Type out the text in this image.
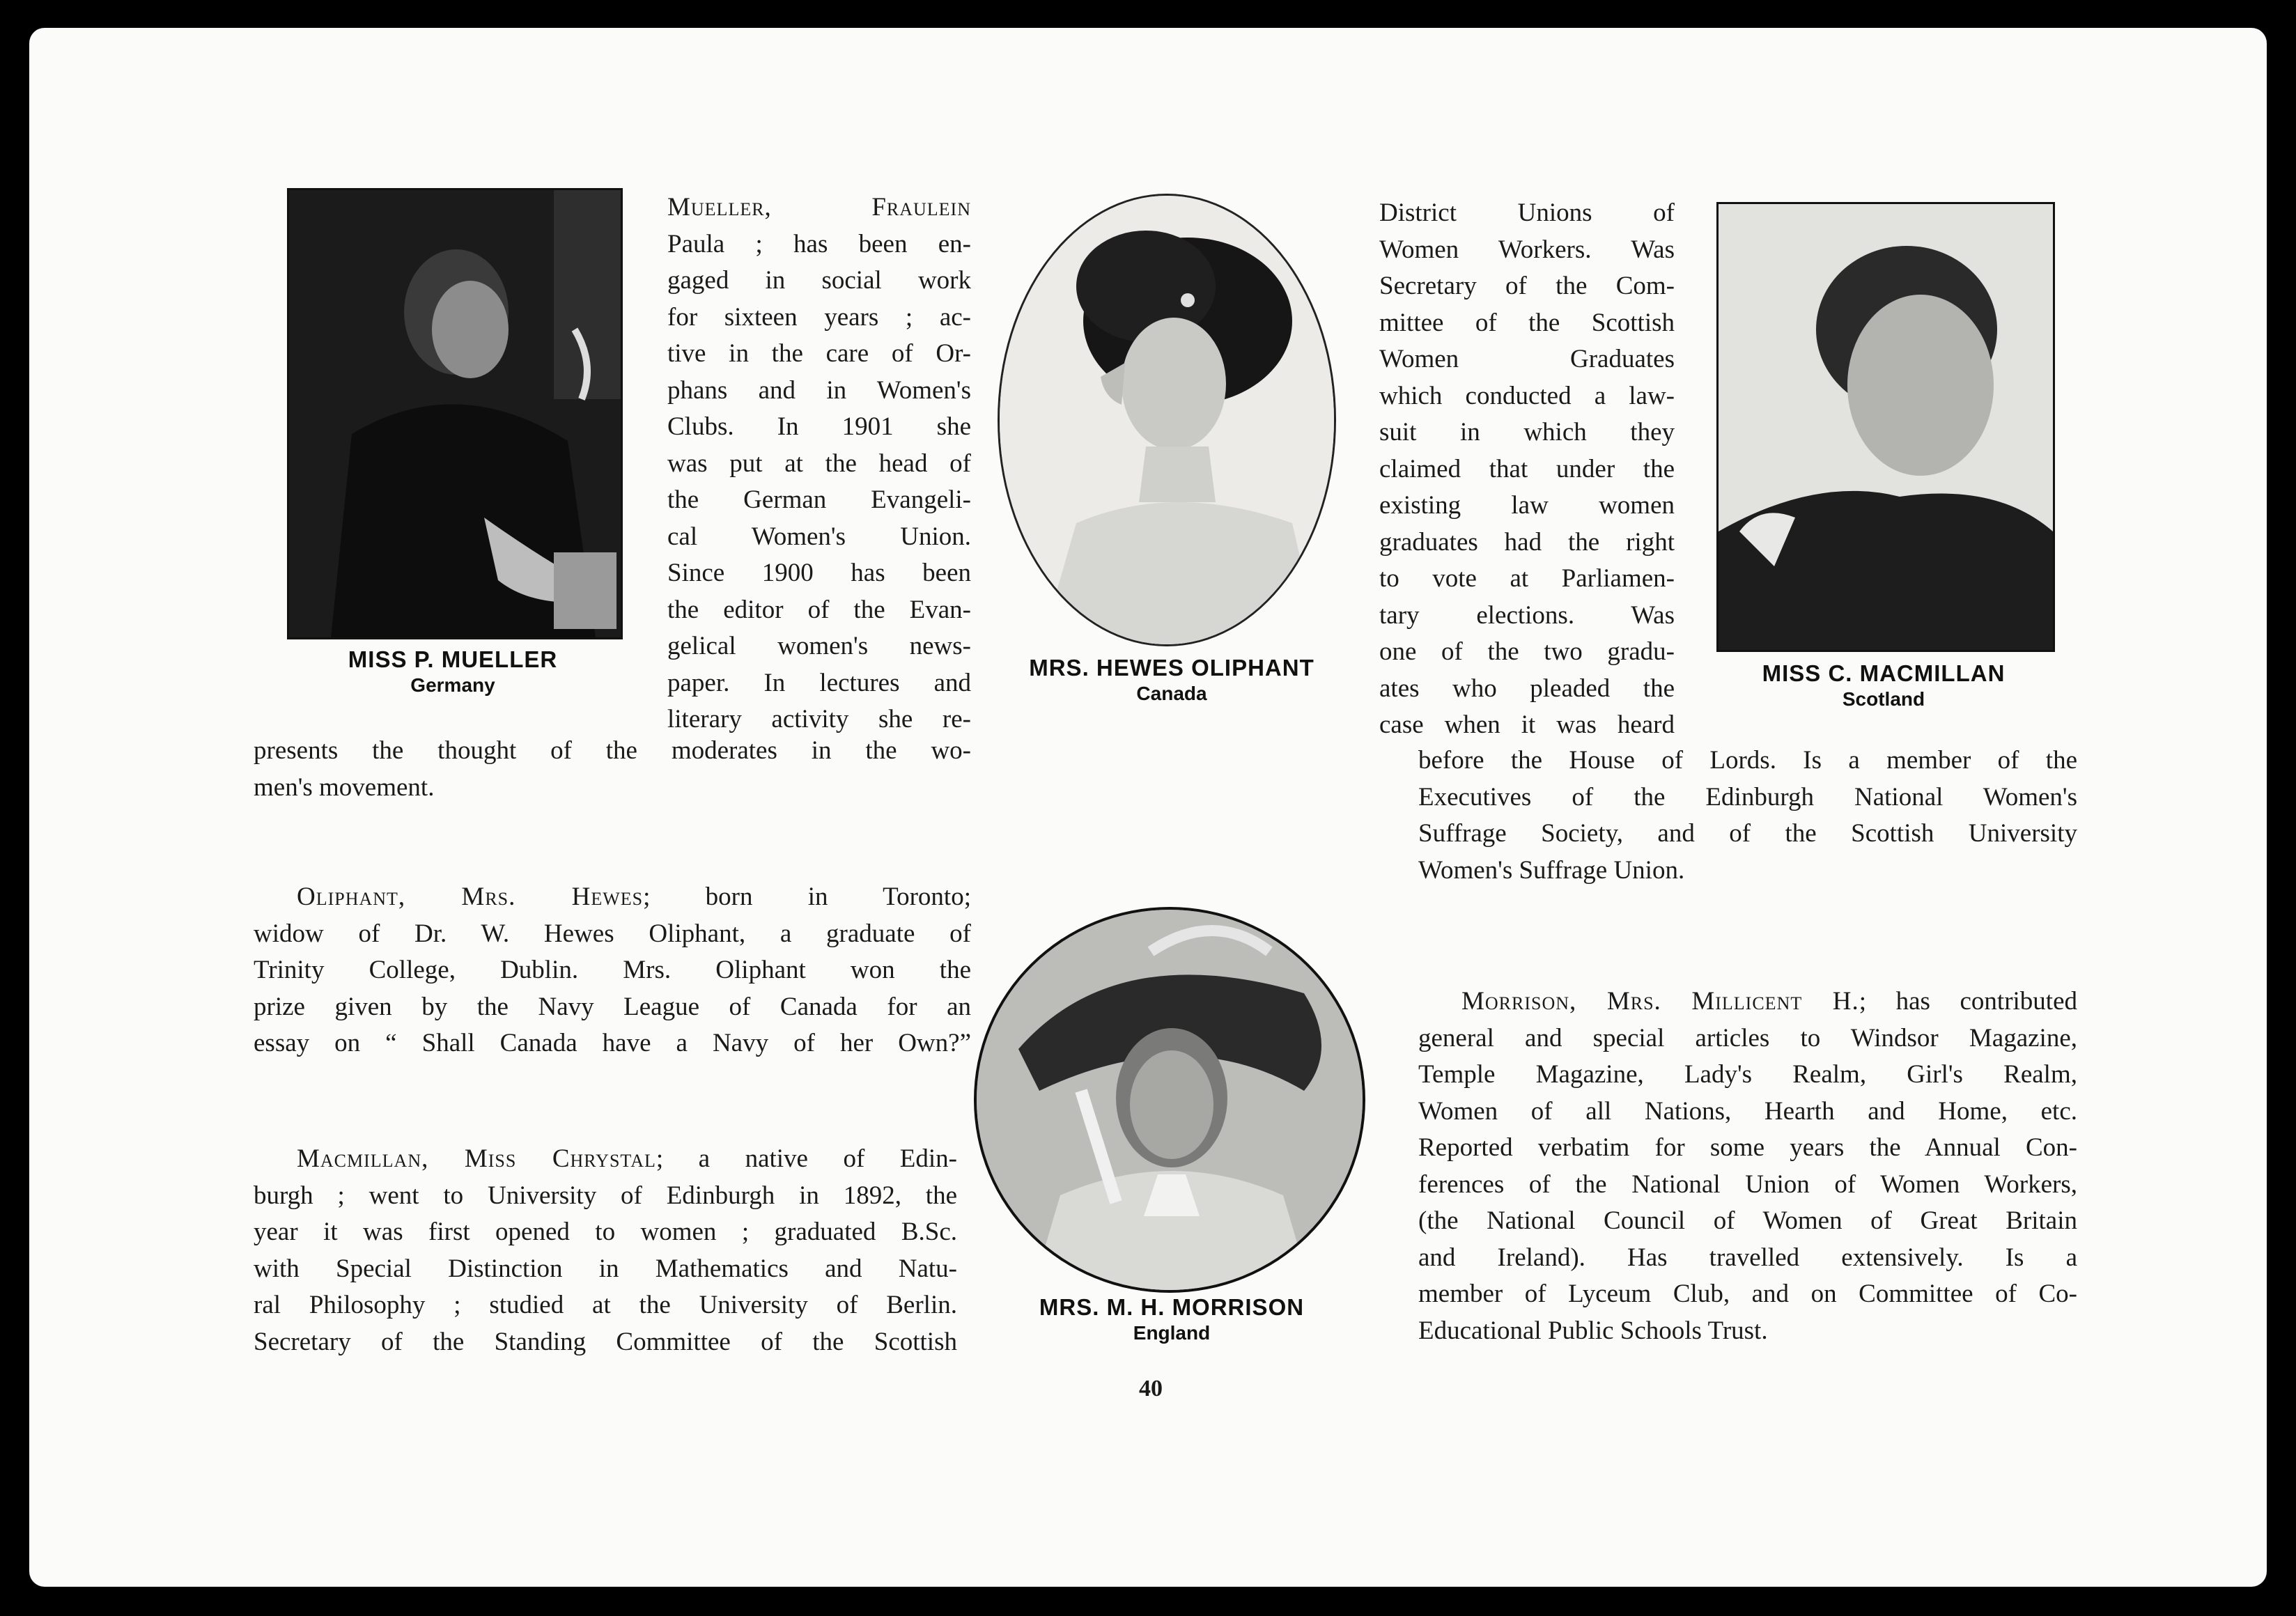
MISS P. MUELLER
Germany
Mueller, Fraulein
Paula ; has been en-
gaged in social work
for sixteen years ; ac-
tive in the care of Or-
phans and in Women's
Clubs. In 1901 she
was put at the head of
the German Evangeli-
cal Women's Union.
Since 1900 has been
the editor of the Evan-
gelical women's news-
paper. In lectures and
literary activity she re-
presents the thought of the moderates in the wo-
men's movement.
Oliphant, Mrs. Hewes; born in Toronto;
widow of Dr. W. Hewes Oliphant, a graduate of
Trinity College, Dublin. Mrs. Oliphant won the
prize given by the Navy League of Canada for an
essay on “ Shall Canada have a Navy of her Own?”
Macmillan, Miss Chrystal; a native of Edin-
burgh ; went to University of Edinburgh in 1892, the
year it was first opened to women ; graduated B.Sc.
with Special Distinction in Mathematics and Natu-
ral Philosophy ; studied at the University of Berlin.
Secretary of the Standing Committee of the Scottish
MRS. HEWES OLIPHANT
Canada
MRS. M. H. MORRISON
England
District Unions of
Women Workers. Was
Secretary of the Com-
mittee of the Scottish
Women Graduates
which conducted a law-
suit in which they
claimed that under the
existing law women
graduates had the right
to vote at Parliamen-
tary elections. Was
one of the two gradu-
ates who pleaded the
case when it was heard
MISS C. MACMILLAN
Scotland
before the House of Lords. Is a member of the
Executives of the Edinburgh National Women's
Suffrage Society, and of the Scottish University
Women's Suffrage Union.
Morrison, Mrs. Millicent H.; has contributed
general and special articles to Windsor Magazine,
Temple Magazine, Lady's Realm, Girl's Realm,
Women of all Nations, Hearth and Home, etc.
Reported verbatim for some years the Annual Con-
ferences of the National Union of Women Workers,
(the National Council of Women of Great Britain
and Ireland). Has travelled extensively. Is a
member of Lyceum Club, and on Committee of Co-
Educational Public Schools Trust.
40
